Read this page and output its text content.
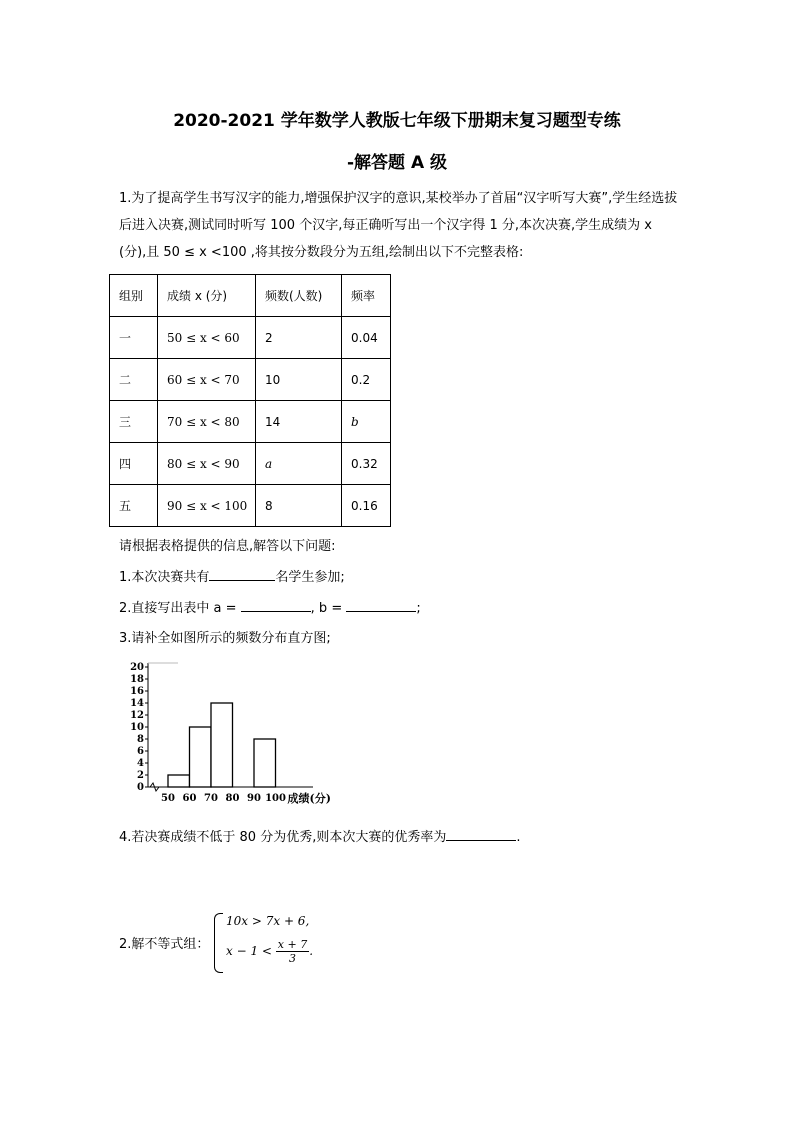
2020-2021 学年数学人教版七年级下册期末复习题型专练
-解答题 A 级
1.为了提高学生书写汉字的能力,增强保护汉字的意识,某校举办了首届“汉字听写大赛”,学生经选拔后进入决赛,测试同时听写 100 个汉字,每正确听写出一个汉字得 1 分,本次决赛,学生成绩为 x (分),且 50 ≤ x <100 ,将其按分数段分为五组,绘制出以下不完整表格:
组别	成绩 x (分)	频数(人数)	频率
一	50 ≤ x < 60	2	0.04
二	60 ≤ x < 70	10	0.2
三	70 ≤ x < 80	14	b
四	80 ≤ x < 90	a	0.32
五	90 ≤ x < 100	8	0.16
请根据表格提供的信息,解答以下问题:
1.本次决赛共有	名学生参加;
2.直接写出表中 a =	, b =	;
3.请补全如图所示的频数分布直方图;
0
2
4
6
8
10
12
14
16
18
20
50 60 70 80 90 100 成绩(分)
4.若决赛成绩不低于 80 分为优秀,则本次大赛的优秀率为	.
2.解不等式组：
10x > 7x + 6,
$x - 1 < \frac{x + 7}{3}$ .
